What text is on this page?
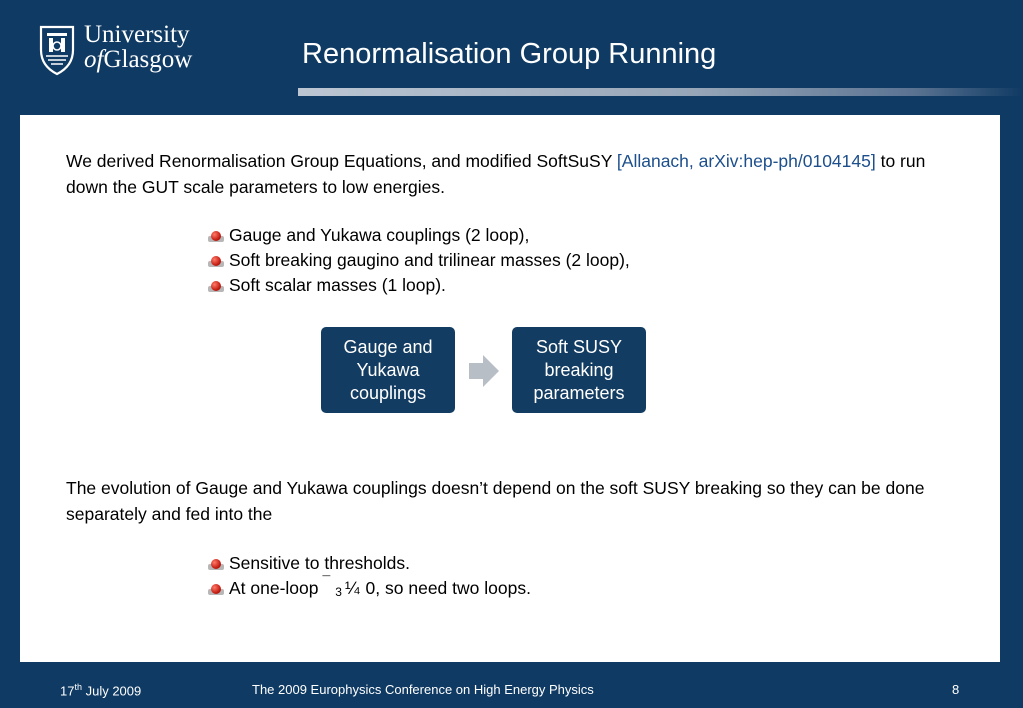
University
ofGlasgow	Renormalisation Group Running
We derived Renormalisation Group Equations, and modified SoftSuSY [Allanach, arXiv:hep-ph/0104145] to run down the GUT scale parameters to low energies.
Gauge and Yukawa couplings (2 loop),
Soft breaking gaugino and trilinear masses (2 loop),
Soft scalar masses (1 loop).
Gauge and
Yukawa
couplings
Soft SUSY
breaking
parameters
The evolution of Gauge and Yukawa couplings doesn’t depend on the soft SUSY breaking so they can be done separately and fed into the
Sensitive to thresholds.
At one-loop ¯
3 ¼ 0 , so need two loops.
17th July 2009	The 2009 Europhysics Conference on High Energy Physics	8
